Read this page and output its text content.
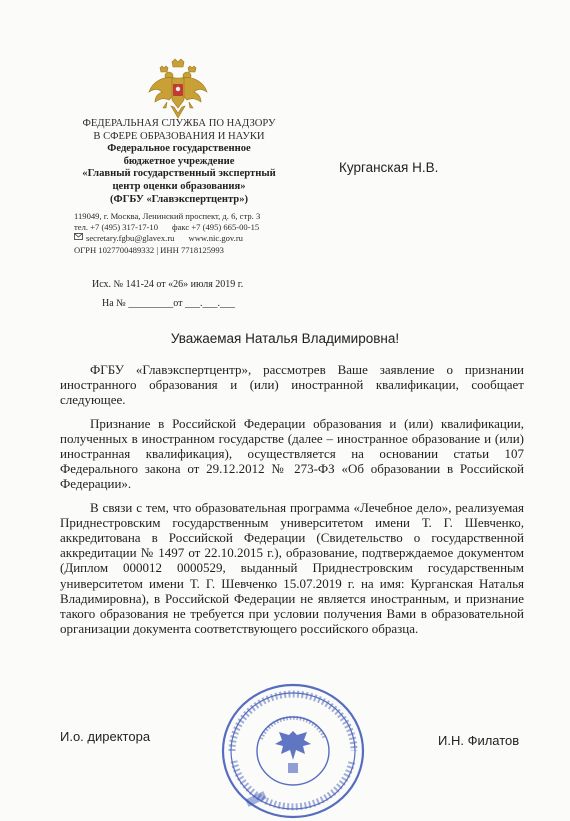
ФЕДЕРАЛЬНАЯ СЛУЖБА ПО НАДЗОРУ
В СФЕРЕ ОБРАЗОВАНИЯ И НАУКИ
Федеральное государственное
бюджетное учреждение
«Главный государственный экспертный
центр оценки образования»
(ФГБУ «Главэкспертцентр»)
119049, г. Москва, Ленинский проспект, д. 6, стр. 3
тел. +7 (495) 317-17-10 факс +7 (495) 665-00-15
secretary.fgbu@glavex.ru www.nic.gov.ru
ОГРН 1027700489332 | ИНН 7718125993
Исх. № 141-24 от «26» июля 2019 г.
На № _________от ___.___.___
Курганская Н.В.
Уважаемая Наталья Владимировна!

ФГБУ «Главэкспертцентр», рассмотрев Ваше заявление о признании иностранного образования и (или) иностранной квалификации, сообщает следующее.

Признание в Российской Федерации образования и (или) квалификации, полученных в иностранном государстве (далее – иностранное образование и (или) иностранная квалификация), осуществляется на основании статьи 107 Федерального закона от 29.12.2012 № 273-ФЗ «Об образовании в Российской Федерации».

В связи с тем, что образовательная программа «Лечебное дело», реализуемая Приднестровским государственным университетом имени Т. Г. Шевченко, аккредитована в Российской Федерации (Свидетельство о государственной аккредитации № 1497 от 22.10.2015 г.), образование, подтверждаемое документом (Диплом 000012 0000529, выданный Приднестровским государственным университетом имени Т. Г. Шевченко 15.07.2019 г. на имя: Курганская Наталья Владимировна), в Российской Федерации не является иностранным, и признание такого образования не требуется при условии получения Вами в образовательной организации документа соответствующего российского образца.

И.о. директора	И.Н. Филатов
